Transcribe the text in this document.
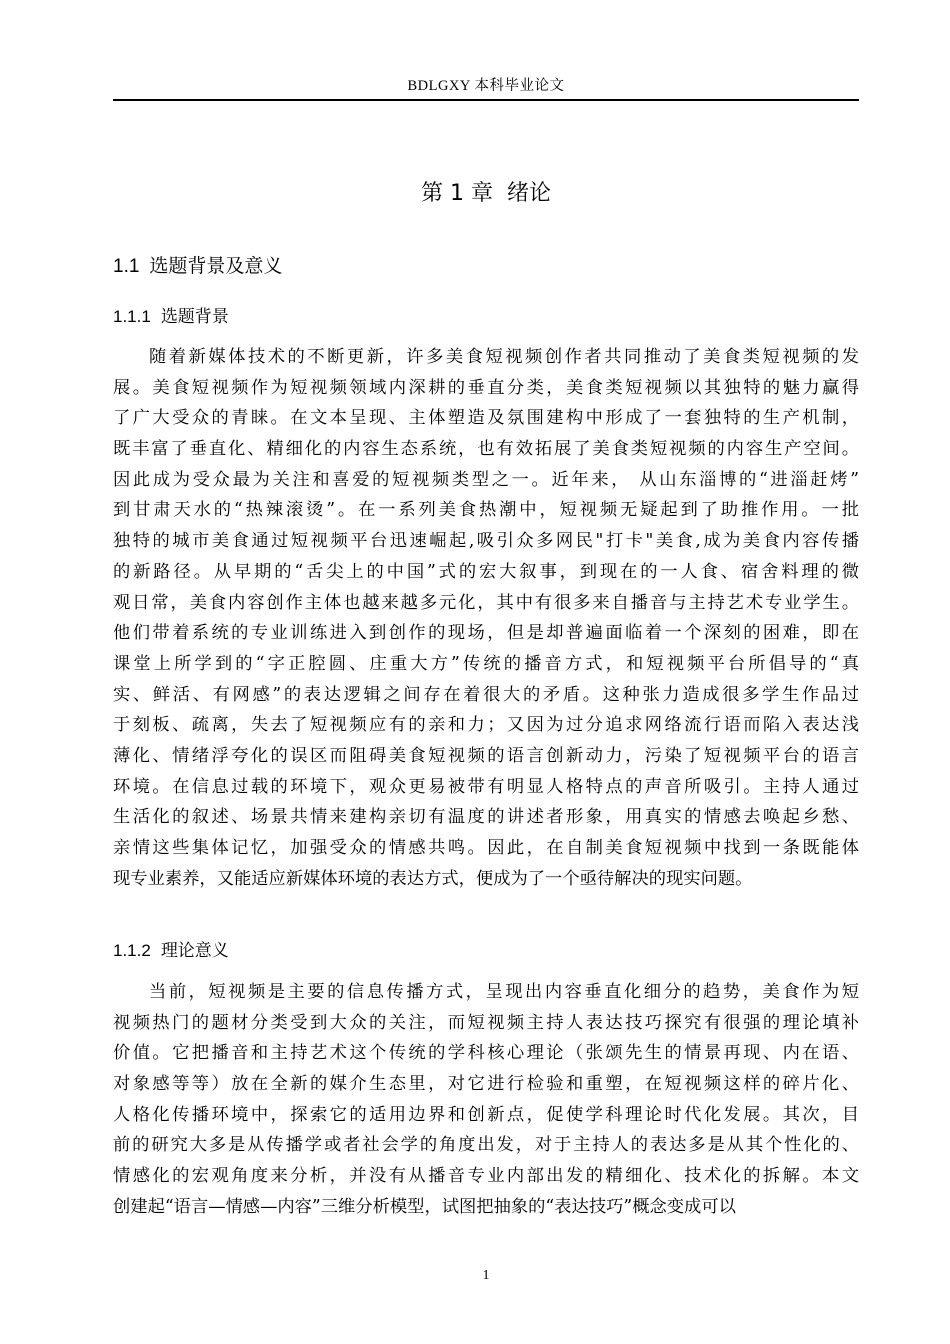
BDLGXY 本科毕业论文
第 1 章 绪论
1.1 选题背景及意义
1.1.1 选题背景
随着新媒体技术的不断更新，许多美食短视频创作者共同推动了美食类短视频的发
展。美食短视频作为短视频领域内深耕的垂直分类，美食类短视频以其独特的魅力赢得
了广大受众的青睐。在文本呈现、主体塑造及氛围建构中形成了一套独特的生产机制，
既丰富了垂直化、精细化的内容生态系统，也有效拓展了美食类短视频的内容生产空间。
因此成为受众最为关注和喜爱的短视频类型之一。近年来， 从山东淄博的“进淄赶烤”
到甘肃天水的“热辣滚烫”。在一系列美食热潮中，短视频无疑起到了助推作用。一批
独特的城市美食通过短视频平台迅速崛起,吸引众多网民"打卡"美食,成为美食内容传播
的新路径。从早期的“舌尖上的中国”式的宏大叙事，到现在的一人食、宿舍料理的微
观日常，美食内容创作主体也越来越多元化，其中有很多来自播音与主持艺术专业学生。
他们带着系统的专业训练进入到创作的现场，但是却普遍面临着一个深刻的困难，即在
课堂上所学到的“字正腔圆、庄重大方”传统的播音方式，和短视频平台所倡导的“真
实、鲜活、有网感”的表达逻辑之间存在着很大的矛盾。这种张力造成很多学生作品过
于刻板、疏离，失去了短视频应有的亲和力；又因为过分追求网络流行语而陷入表达浅
薄化、情绪浮夸化的误区而阻碍美食短视频的语言创新动力，污染了短视频平台的语言
环境。在信息过载的环境下，观众更易被带有明显人格特点的声音所吸引。主持人通过
生活化的叙述、场景共情来建构亲切有温度的讲述者形象，用真实的情感去唤起乡愁、
亲情这些集体记忆，加强受众的情感共鸣。因此，在自制美食短视频中找到一条既能体
现专业素养，又能适应新媒体环境的表达方式，便成为了一个亟待解决的现实问题。
1.1.2 理论意义
当前，短视频是主要的信息传播方式，呈现出内容垂直化细分的趋势，美食作为短
视频热门的题材分类受到大众的关注，而短视频主持人表达技巧探究有很强的理论填补
价值。它把播音和主持艺术这个传统的学科核心理论（张颂先生的情景再现、内在语、
对象感等等）放在全新的媒介生态里，对它进行检验和重塑，在短视频这样的碎片化、
人格化传播环境中，探索它的适用边界和创新点，促使学科理论时代化发展。其次，目
前的研究大多是从传播学或者社会学的角度出发，对于主持人的表达多是从其个性化的、
情感化的宏观角度来分析，并没有从播音专业内部出发的精细化、技术化的拆解。本文
创建起“语言—情感—内容”三维分析模型，试图把抽象的“表达技巧”概念变成可以
1
